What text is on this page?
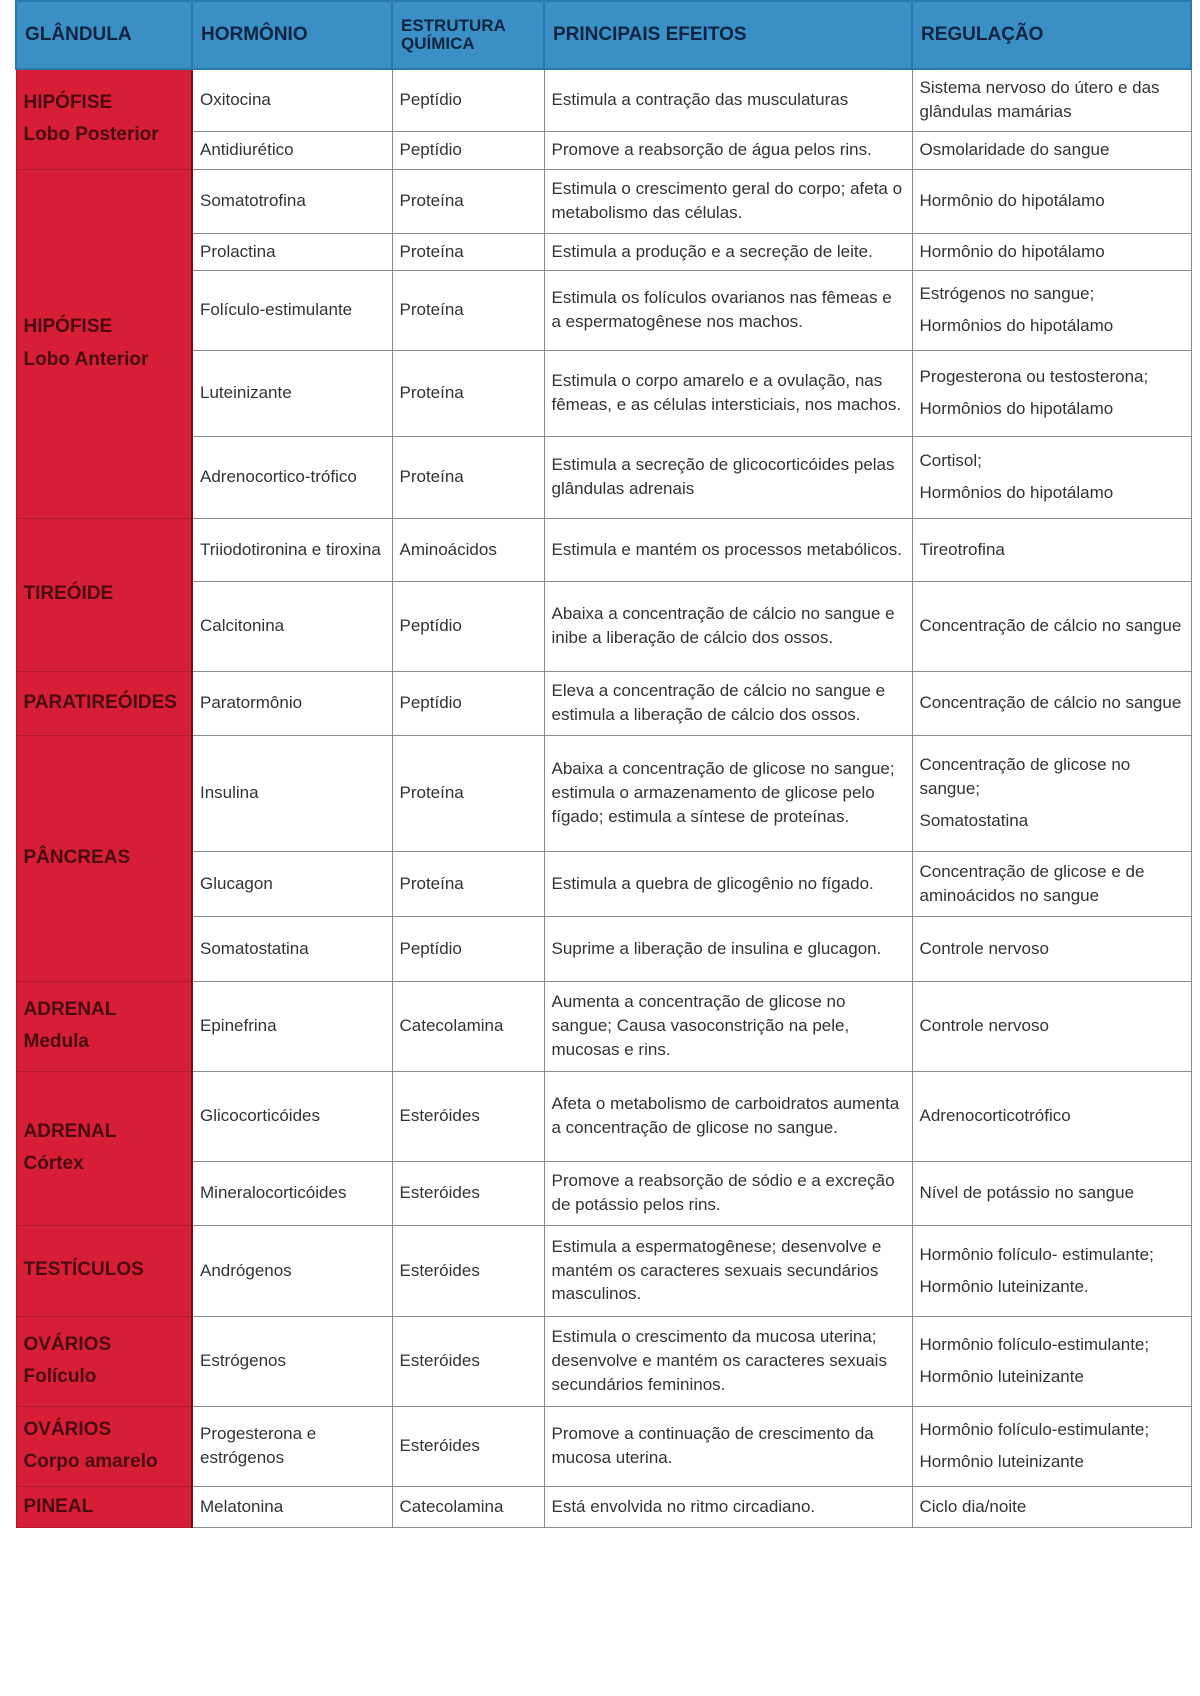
GLÂNDULA	HORMÔNIO	ESTRUTURA QUÍMICA	PRINCIPAIS EFEITOS	REGULAÇÃO

HIPÓFISE
Lobo Posterior	Oxitocina	Peptídio	Estimula a contração das musculaturas	Sistema nervoso do útero e das glândulas mamárias

	Antidiurético	Peptídio	Promove a reabsorção de água pelos rins.	Osmolaridade do sangue

HIPÓFISE
Lobo Anterior	Somatotrofina	Proteína	Estimula o crescimento geral do corpo; afeta o metabolismo das células.	Hormônio do hipotálamo

	Prolactina	Proteína	Estimula a produção e a secreção de leite.	Hormônio do hipotálamo

	Folículo-estimulante	Proteína	Estimula os folículos ovarianos nas fêmeas e a espermatogênese nos machos.	Estrógenos no sangue;
Hormônios do hipotálamo

	Luteinizante	Proteína	Estimula o corpo amarelo e a ovulação, nas fêmeas, e as células intersticiais, nos machos.	Progesterona ou testosterona;
Hormônios do hipotálamo

	Adrenocortico-trófico	Proteína	Estimula a secreção de glicocorticóides pelas glândulas adrenais	Cortisol;
Hormônios do hipotálamo

TIREÓIDE	Triiodotironina e tiroxina	Aminoácidos	Estimula e mantém os processos metabólicos.	Tireotrofina

	Calcitonina	Peptídio	Abaixa a concentração de cálcio no sangue e inibe a liberação de cálcio dos ossos.	Concentração de cálcio no sangue

PARATIREÓIDES	Paratormônio	Peptídio	Eleva a concentração de cálcio no sangue e estimula a liberação de cálcio dos ossos.	Concentração de cálcio no sangue

PÂNCREAS	Insulina	Proteína	Abaixa a concentração de glicose no sangue; estimula o armazenamento de glicose pelo fígado; estimula a síntese de proteínas.	Concentração de glicose no sangue;
Somatostatina

	Glucagon	Proteína	Estimula a quebra de glicogênio no fígado.	Concentração de glicose e de aminoácidos no sangue

	Somatostatina	Peptídio	Suprime a liberação de insulina e glucagon.	Controle nervoso

ADRENAL
Medula	Epinefrina	Catecolamina	Aumenta a concentração de glicose no sangue; Causa vasoconstrição na pele, mucosas e rins.	Controle nervoso

ADRENAL
Córtex	Glicocorticóides	Esteróides	Afeta o metabolismo de carboidratos aumenta a concentração de glicose no sangue.	Adrenocorticotrófico

	Mineralocorticóides	Esteróides	Promove a reabsorção de sódio e a excreção de potássio pelos rins.	Nível de potássio no sangue

TESTÍCULOS	Andrógenos	Esteróides	Estimula a espermatogênese; desenvolve e mantém os caracteres sexuais secundários masculinos.	Hormônio folículo- estimulante;
Hormônio luteinizante.

OVÁRIOS
Folículo	Estrógenos	Esteróides	Estimula o crescimento da mucosa uterina; desenvolve e mantém os caracteres sexuais secundários femininos.	Hormônio folículo-estimulante;
Hormônio luteinizante

OVÁRIOS
Corpo amarelo	Progesterona e estrógenos	Esteróides	Promove a continuação de crescimento da mucosa uterina.	Hormônio folículo-estimulante;
Hormônio luteinizante

PINEAL	Melatonina	Catecolamina	Está envolvida no ritmo circadiano.	Ciclo dia/noite
